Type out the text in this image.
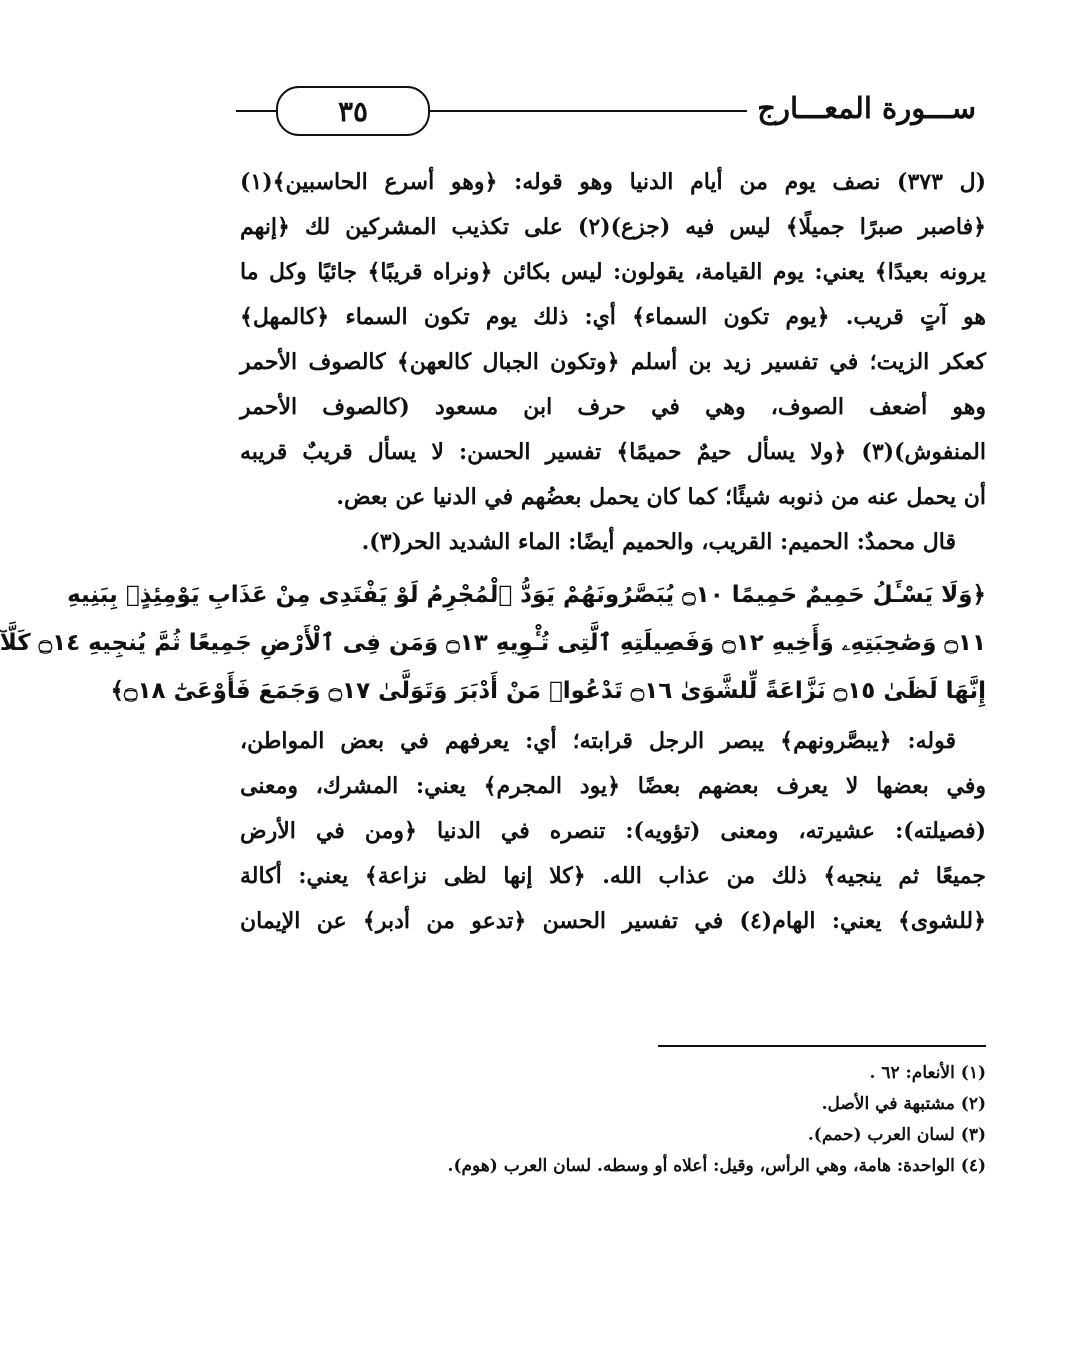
ســـورة المعـــارج
٣٥
(ل ٣٧٣) نصف يوم من أيام الدنيا وهو قوله: ﴿وهو أسرع الحاسبين﴾(١)
﴿فاصبر صبرًا جميلًا﴾ ليس فيه (جزع)(٢) على تكذيب المشركين لك ﴿إنهم
يرونه بعيدًا﴾ يعني: يوم القيامة، يقولون: ليس بكائن ﴿ونراه قريبًا﴾ جائيًا وكل ما
هو آتٍ قريب. ﴿يوم تكون السماء﴾ أي: ذلك يوم تكون السماء ﴿كالمهل﴾
كعكر الزيت؛ في تفسير زيد بن أسلم ﴿وتكون الجبال كالعهن﴾ كالصوف الأحمر
وهو أضعف الصوف، وهي في حرف ابن مسعود (كالصوف الأحمر
المنفوش)(٣) ﴿ولا يسأل حيمٌ حميمًا﴾ تفسير الحسن: لا يسأل قريبٌ قريبه
أن يحمل عنه من ذنوبه شيئًا؛ كما كان يحمل بعضُهم في الدنيا عن بعض.
قال محمدٌ: الحميم: القريب، والحميم أيضًا: الماء الشديد الحر(٣).
﴿وَلَا يَسْـَٔلُ حَمِيمٌ حَمِيمًا ۝١٠ يُبَصَّرُونَهُمْ يَوَدُّ ٱلْمُجْرِمُ لَوْ يَفْتَدِى مِنْ عَذَابِ يَوْمِئِذٍۭ بِبَنِيهِ
۝١١ وَصَٰحِبَتِهِۦ وَأَخِيهِ ۝١٢ وَفَصِيلَتِهِ ٱلَّتِى تُـْٔوِيهِ ۝١٣ وَمَن فِى ٱلْأَرْضِ جَمِيعًا ثُمَّ يُنجِيهِ ۝١٤ كَلَّآ
إِنَّهَا لَظَىٰ ۝١٥ نَزَّاعَةً لِّلشَّوَىٰ ۝١٦ تَدْعُوا۟ مَنْ أَدْبَرَ وَتَوَلَّىٰ ۝١٧ وَجَمَعَ فَأَوْعَىٰٓ ۝١٨﴾
قوله: ﴿يبصَّرونهم﴾ يبصر الرجل قرابته؛ أي: يعرفهم في بعض المواطن،
وفي بعضها لا يعرف بعضهم بعضًا ﴿يود المجرم﴾ يعني: المشرك، ومعنى
(فصيلته): عشيرته، ومعنى (تؤويه): تنصره في الدنيا ﴿ومن في الأرض
جميعًا ثم ينجيه﴾ ذلك من عذاب الله. ﴿كلا إنها لظى نزاعة﴾ يعني: أكالة
﴿للشوى﴾ يعني: الهام(٤) في تفسير الحسن ﴿تدعو من أدبر﴾ عن الإيمان
(١) الأنعام: ٦٢ .
(٢) مشتبهة في الأصل.
(٣) لسان العرب (حمم).
(٤) الواحدة: هامة، وهي الرأس، وقيل: أعلاه أو وسطه. لسان العرب (هوم).
